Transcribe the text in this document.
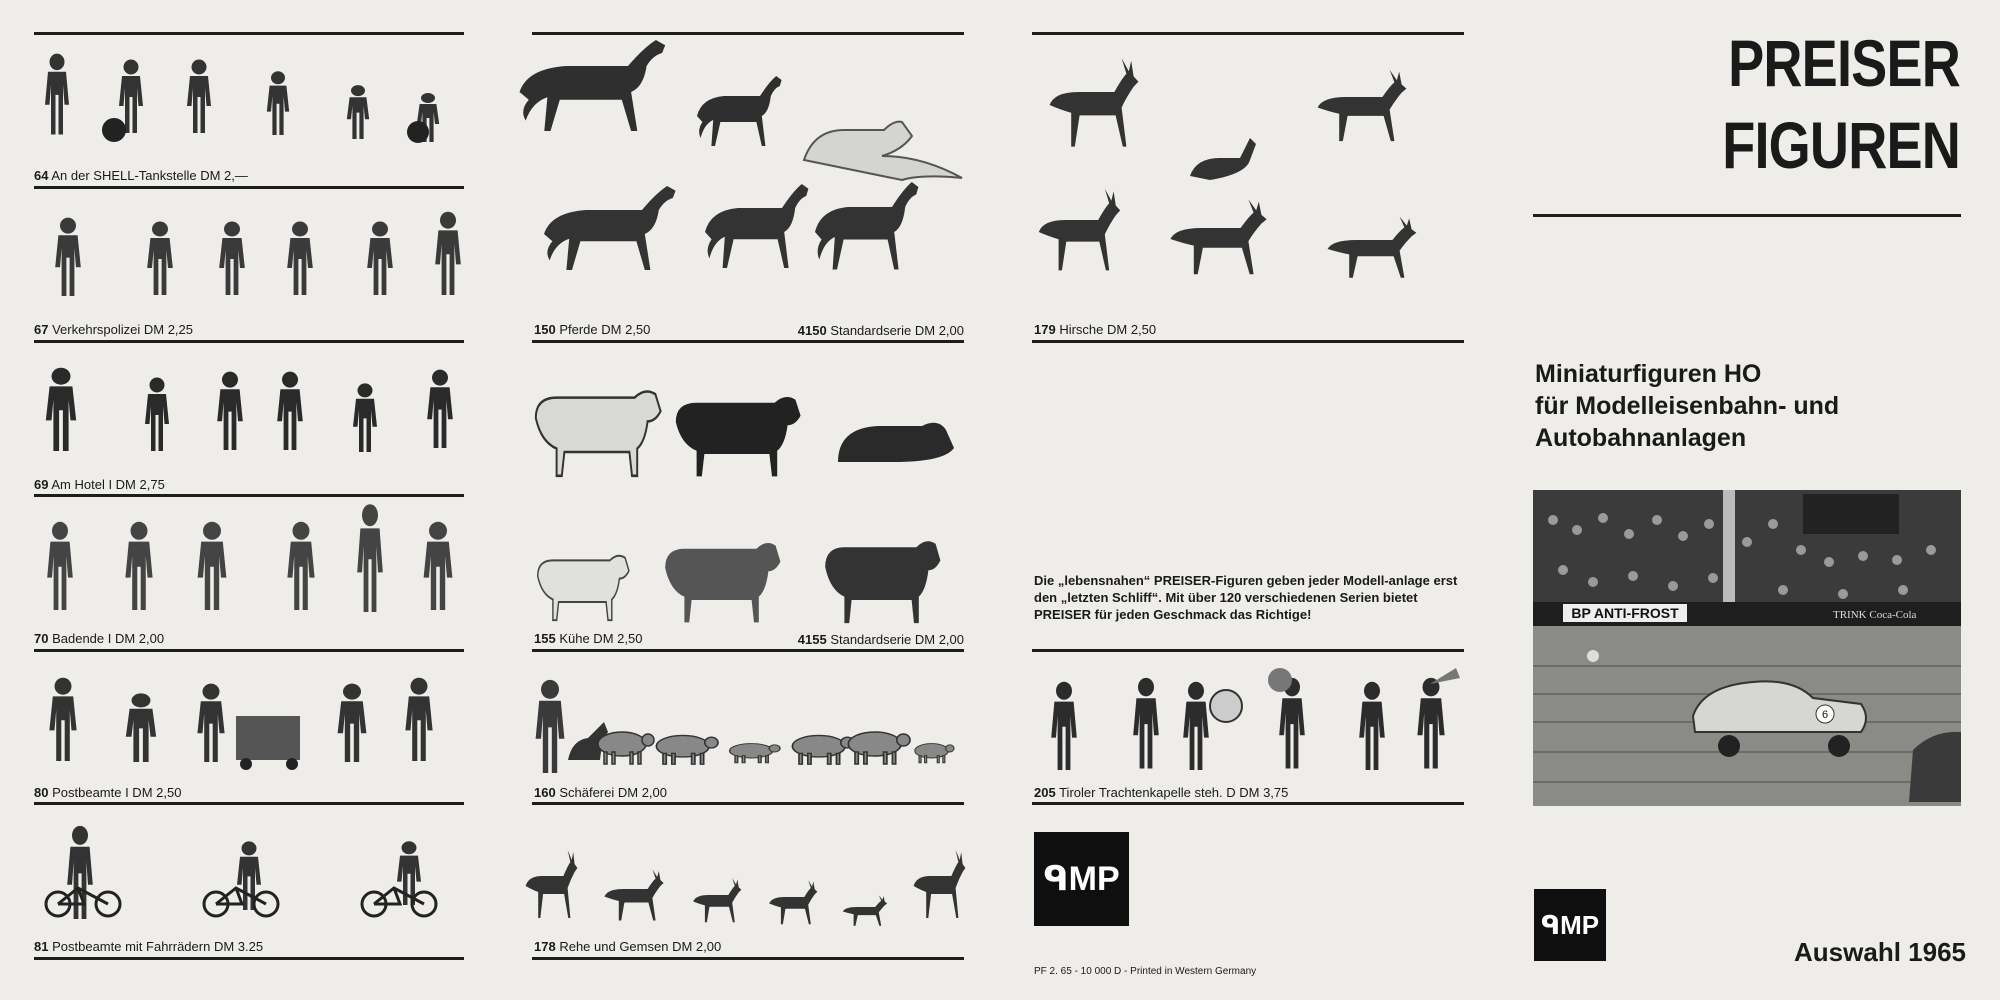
64 An der SHELL-Tankstelle DM 2,—
67 Verkehrspolizei DM 2,25
69 Am Hotel I DM 2,75
70 Badende I DM 2,00
80 Postbeamte I DM 2,50
81 Postbeamte mit Fahrrädern DM 3.25
150 Pferde DM 2,50	4150 Standardserie DM 2,00
155 Kühe DM 2,50	4155 Standardserie DM 2,00
160 Schäferei DM 2,00
178 Rehe und Gemsen DM 2,00
179 Hirsche DM 2,50
Die „lebensnahen“ PREISER-Figuren geben jeder Modell-anlage erst den „letzten Schliff“. Mit über 120 verschiedenen Serien bietet PREISER für jeden Geschmack das Richtige!
205 Tiroler Trachtenkapelle steh. D DM 3,75
ᑫMP
PF 2. 65 - 10 000 D - Printed in Western Germany
PREISER
FIGUREN
Miniaturfiguren HO
für Modelleisenbahn- und
Autobahnanlagen
BP ANTI-FROST	TRINK Coca-Cola
6
ᑫMP
Auswahl 1965
